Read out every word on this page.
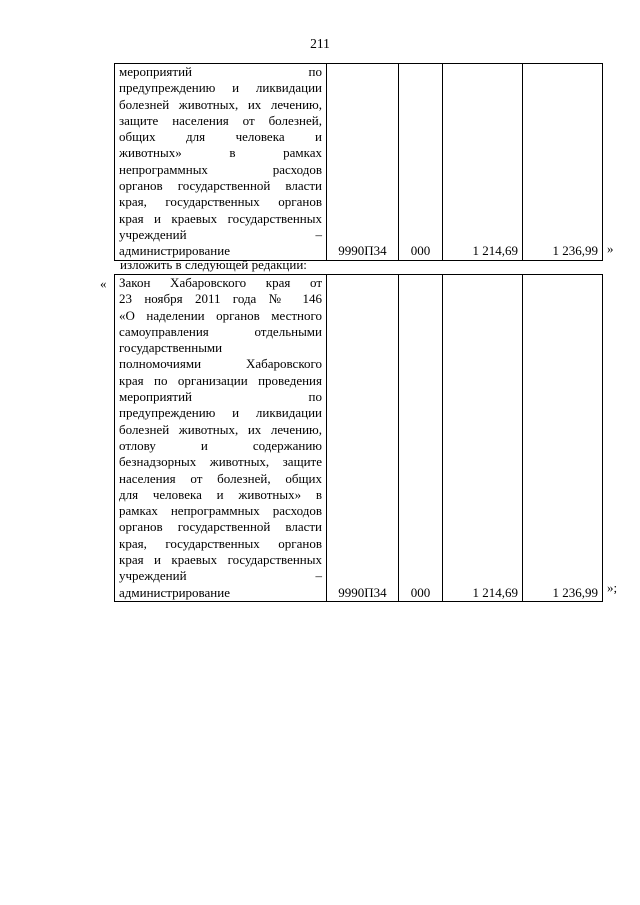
211
мероприятий по
предупреждению и ликвидации
болезней животных, их лечению,
защите населения от болезней,
общих для человека и
животных» в рамках
непрограммных расходов
органов государственной власти
края, государственных органов
края и краевых государственных
учреждений –
администрирование	9990П34	000	1 214,69	1 236,99 »
изложить в следующей редакции:
« Закон Хабаровского края от
23 ноября 2011 года № 146
«О наделении органов местного
самоуправления отдельными
государственными
полномочиями Хабаровского
края по организации проведения
мероприятий по
предупреждению и ликвидации
болезней животных, их лечению,
отлову и содержанию
безнадзорных животных, защите
населения от болезней, общих
для человека и животных» в
рамках непрограммных расходов
органов государственной власти
края, государственных органов
края и краевых государственных
учреждений –
администрирование	9990П34	000	1 214,69	1 236,99 »;
